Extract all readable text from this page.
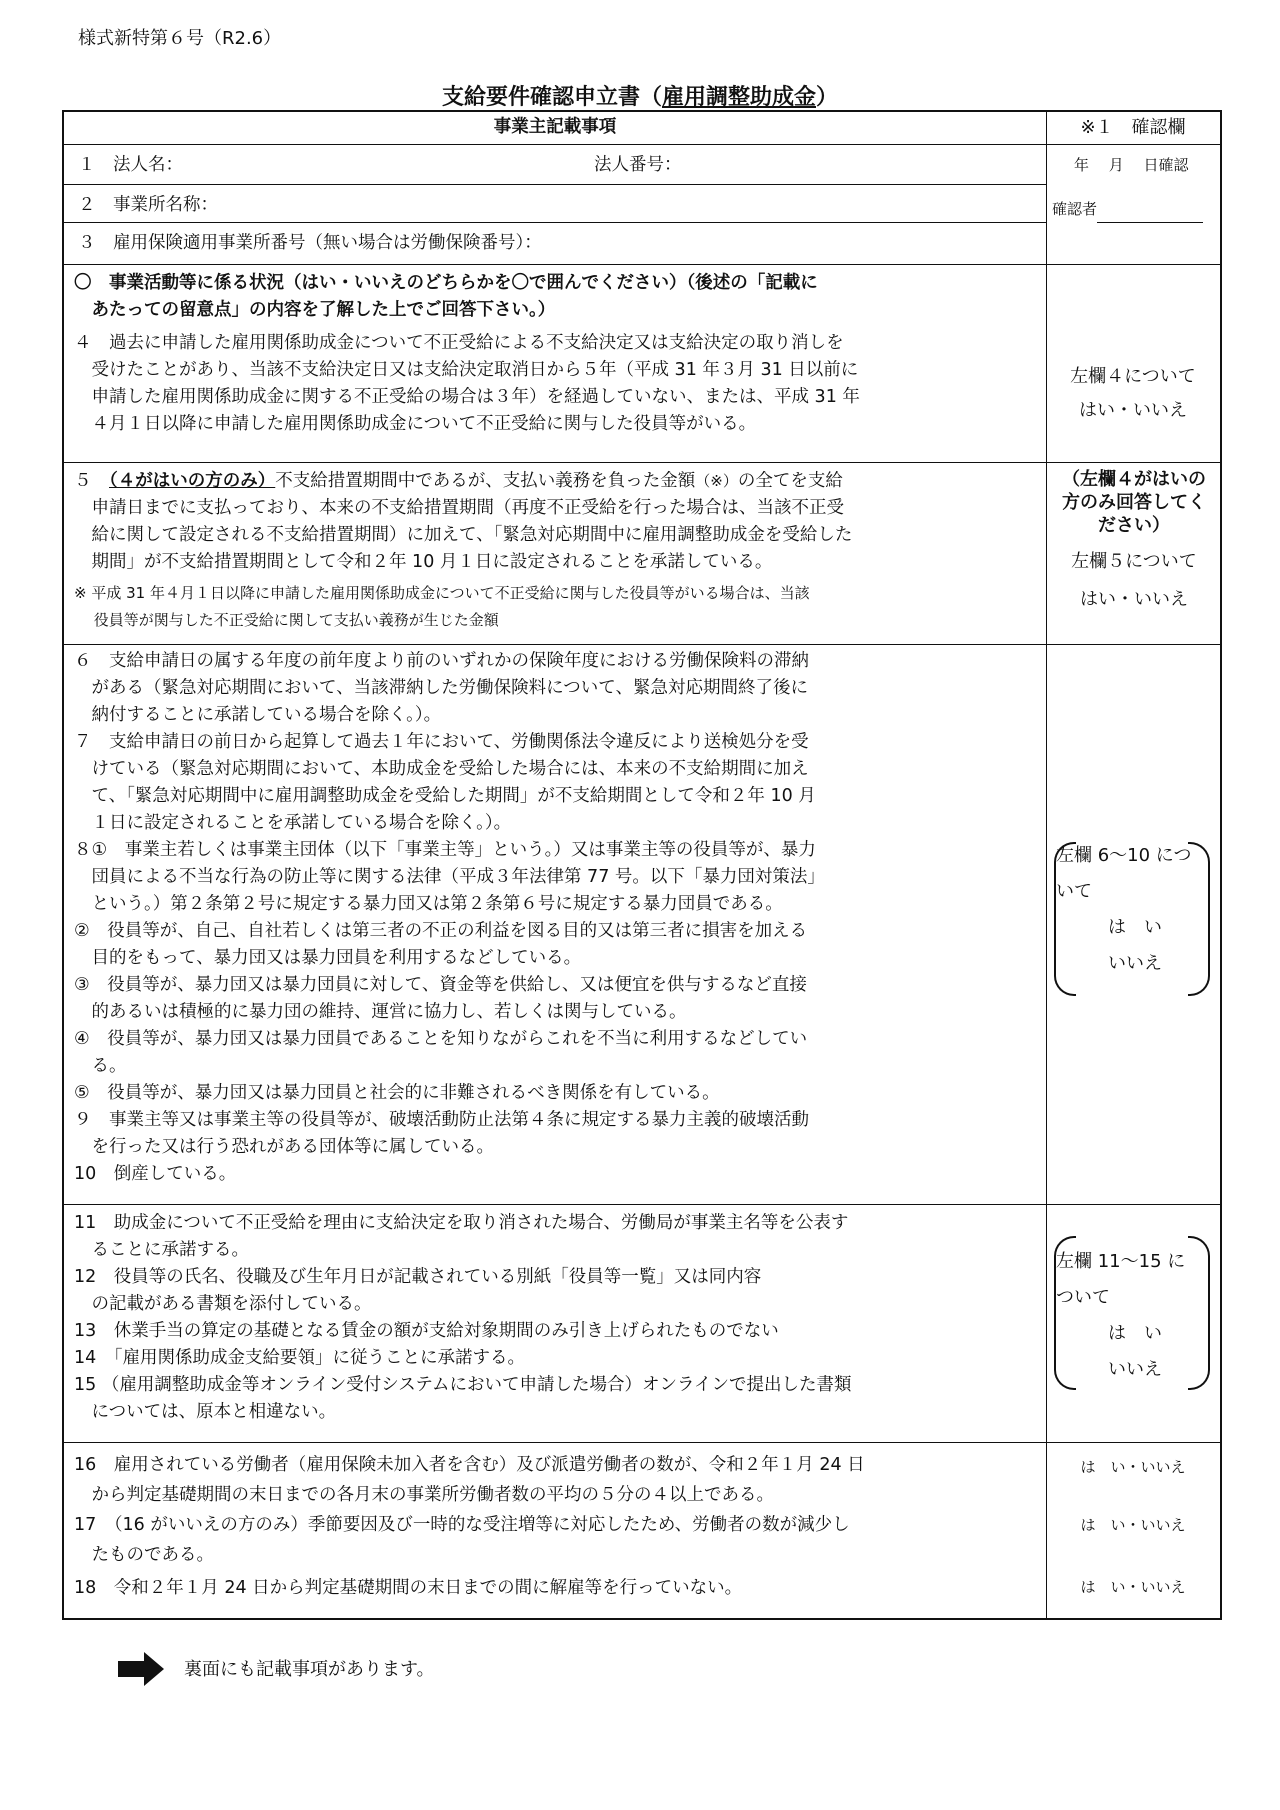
様式新特第６号（R2.6）
支給要件確認申立書（雇用調整助成金）
事業主記載事項	※１　確認欄
１　法人名：	法人番号：
２　事業所名称：
３　雇用保険適用事業所番号（無い場合は労働保険番号）：
年　 月　 日確認
確認者
〇　事業活動等に係る状況（はい・いいえのどちらかを〇で囲んでください）（後述の「記載に
　あたっての留意点」の内容を了解した上でご回答下さい。）
４　過去に申請した雇用関係助成金について不正受給による不支給決定又は支給決定の取り消しを
　受けたことがあり、当該不支給決定日又は支給決定取消日から５年（平成 31 年３月 31 日以前に
　申請した雇用関係助成金に関する不正受給の場合は３年）を経過していない、または、平成 31 年
　４月１日以降に申請した雇用関係助成金について不正受給に関与した役員等がいる。
左欄４について
はい・いいえ
５　 （４がはいの方のみ）不支給措置期間中であるが、支払い義務を負った金額（※）の全てを支給
　申請日までに支払っており、本来の不支給措置期間（再度不正受給を行った場合は、当該不正受
　給に関して設定される不支給措置期間）に加えて、「緊急対応期間中に雇用調整助成金を受給した
　期間」が不支給措置期間として令和２年 10 月１日に設定されることを承諾している。
※ 平成 31 年４月１日以降に申請した雇用関係助成金について不正受給に関与した役員等がいる場合は、当該
　 役員等が関与した不正受給に関して支払い義務が生じた金額
（左欄４がはいの方のみ回答してください）
左欄５について
はい・いいえ
６　支給申請日の属する年度の前年度より前のいずれかの保険年度における労働保険料の滞納
　がある（緊急対応期間において、当該滞納した労働保険料について、緊急対応期間終了後に
　納付することに承諾している場合を除く。）。
７　支給申請日の前日から起算して過去１年において、労働関係法令違反により送検処分を受
　けている（緊急対応期間において、本助成金を受給した場合には、本来の不支給期間に加え
　て、「緊急対応期間中に雇用調整助成金を受給した期間」が不支給期間として令和２年 10 月
　１日に設定されることを承諾している場合を除く。）。
８①　事業主若しくは事業主団体（以下「事業主等」という。）又は事業主等の役員等が、暴力
　団員による不当な行為の防止等に関する法律（平成３年法律第 77 号。以下「暴力団対策法」
　という。）第２条第２号に規定する暴力団又は第２条第６号に規定する暴力団員である。
②　役員等が、自己、自社若しくは第三者の不正の利益を図る目的又は第三者に損害を加える
　目的をもって、暴力団又は暴力団員を利用するなどしている。
③　役員等が、暴力団又は暴力団員に対して、資金等を供給し、又は便宜を供与するなど直接
　的あるいは積極的に暴力団の維持、運営に協力し、若しくは関与している。
④　役員等が、暴力団又は暴力団員であることを知りながらこれを不当に利用するなどしてい
　る。
⑤　役員等が、暴力団又は暴力団員と社会的に非難されるべき関係を有している。
９　事業主等又は事業主等の役員等が、破壊活動防止法第４条に規定する暴力主義的破壊活動
　を行った又は行う恐れがある団体等に属している。
10　倒産している。
左欄 6～10 につ
いて
は　い
いいえ
11　助成金について不正受給を理由に支給決定を取り消された場合、労働局が事業主名等を公表す
　ることに承諾する。
12　役員等の氏名、役職及び生年月日が記載されている別紙「役員等一覧」又は同内容
　の記載がある書類を添付している。
13　休業手当の算定の基礎となる賃金の額が支給対象期間のみ引き上げられたものでない
14　「雇用関係助成金支給要領」に従うことに承諾する。
15 （雇用調整助成金等オンライン受付システムにおいて申請した場合）オンラインで提出した書類
　については、原本と相違ない。
左欄 11～15 に
ついて
は　い
いいえ
16　雇用されている労働者（雇用保険未加入者を含む）及び派遣労働者の数が、令和２年１月 24 日
　から判定基礎期間の末日までの各月末の事業所労働者数の平均の５分の４以上である。
17　（16 がいいえの方のみ）季節要因及び一時的な受注増等に対応したため、労働者の数が減少し
　たものである。
18　令和２年１月 24 日から判定基礎期間の末日までの間に解雇等を行っていない。
は　い・いいえ
は　い・いいえ
は　い・いいえ
裏面にも記載事項があります。
